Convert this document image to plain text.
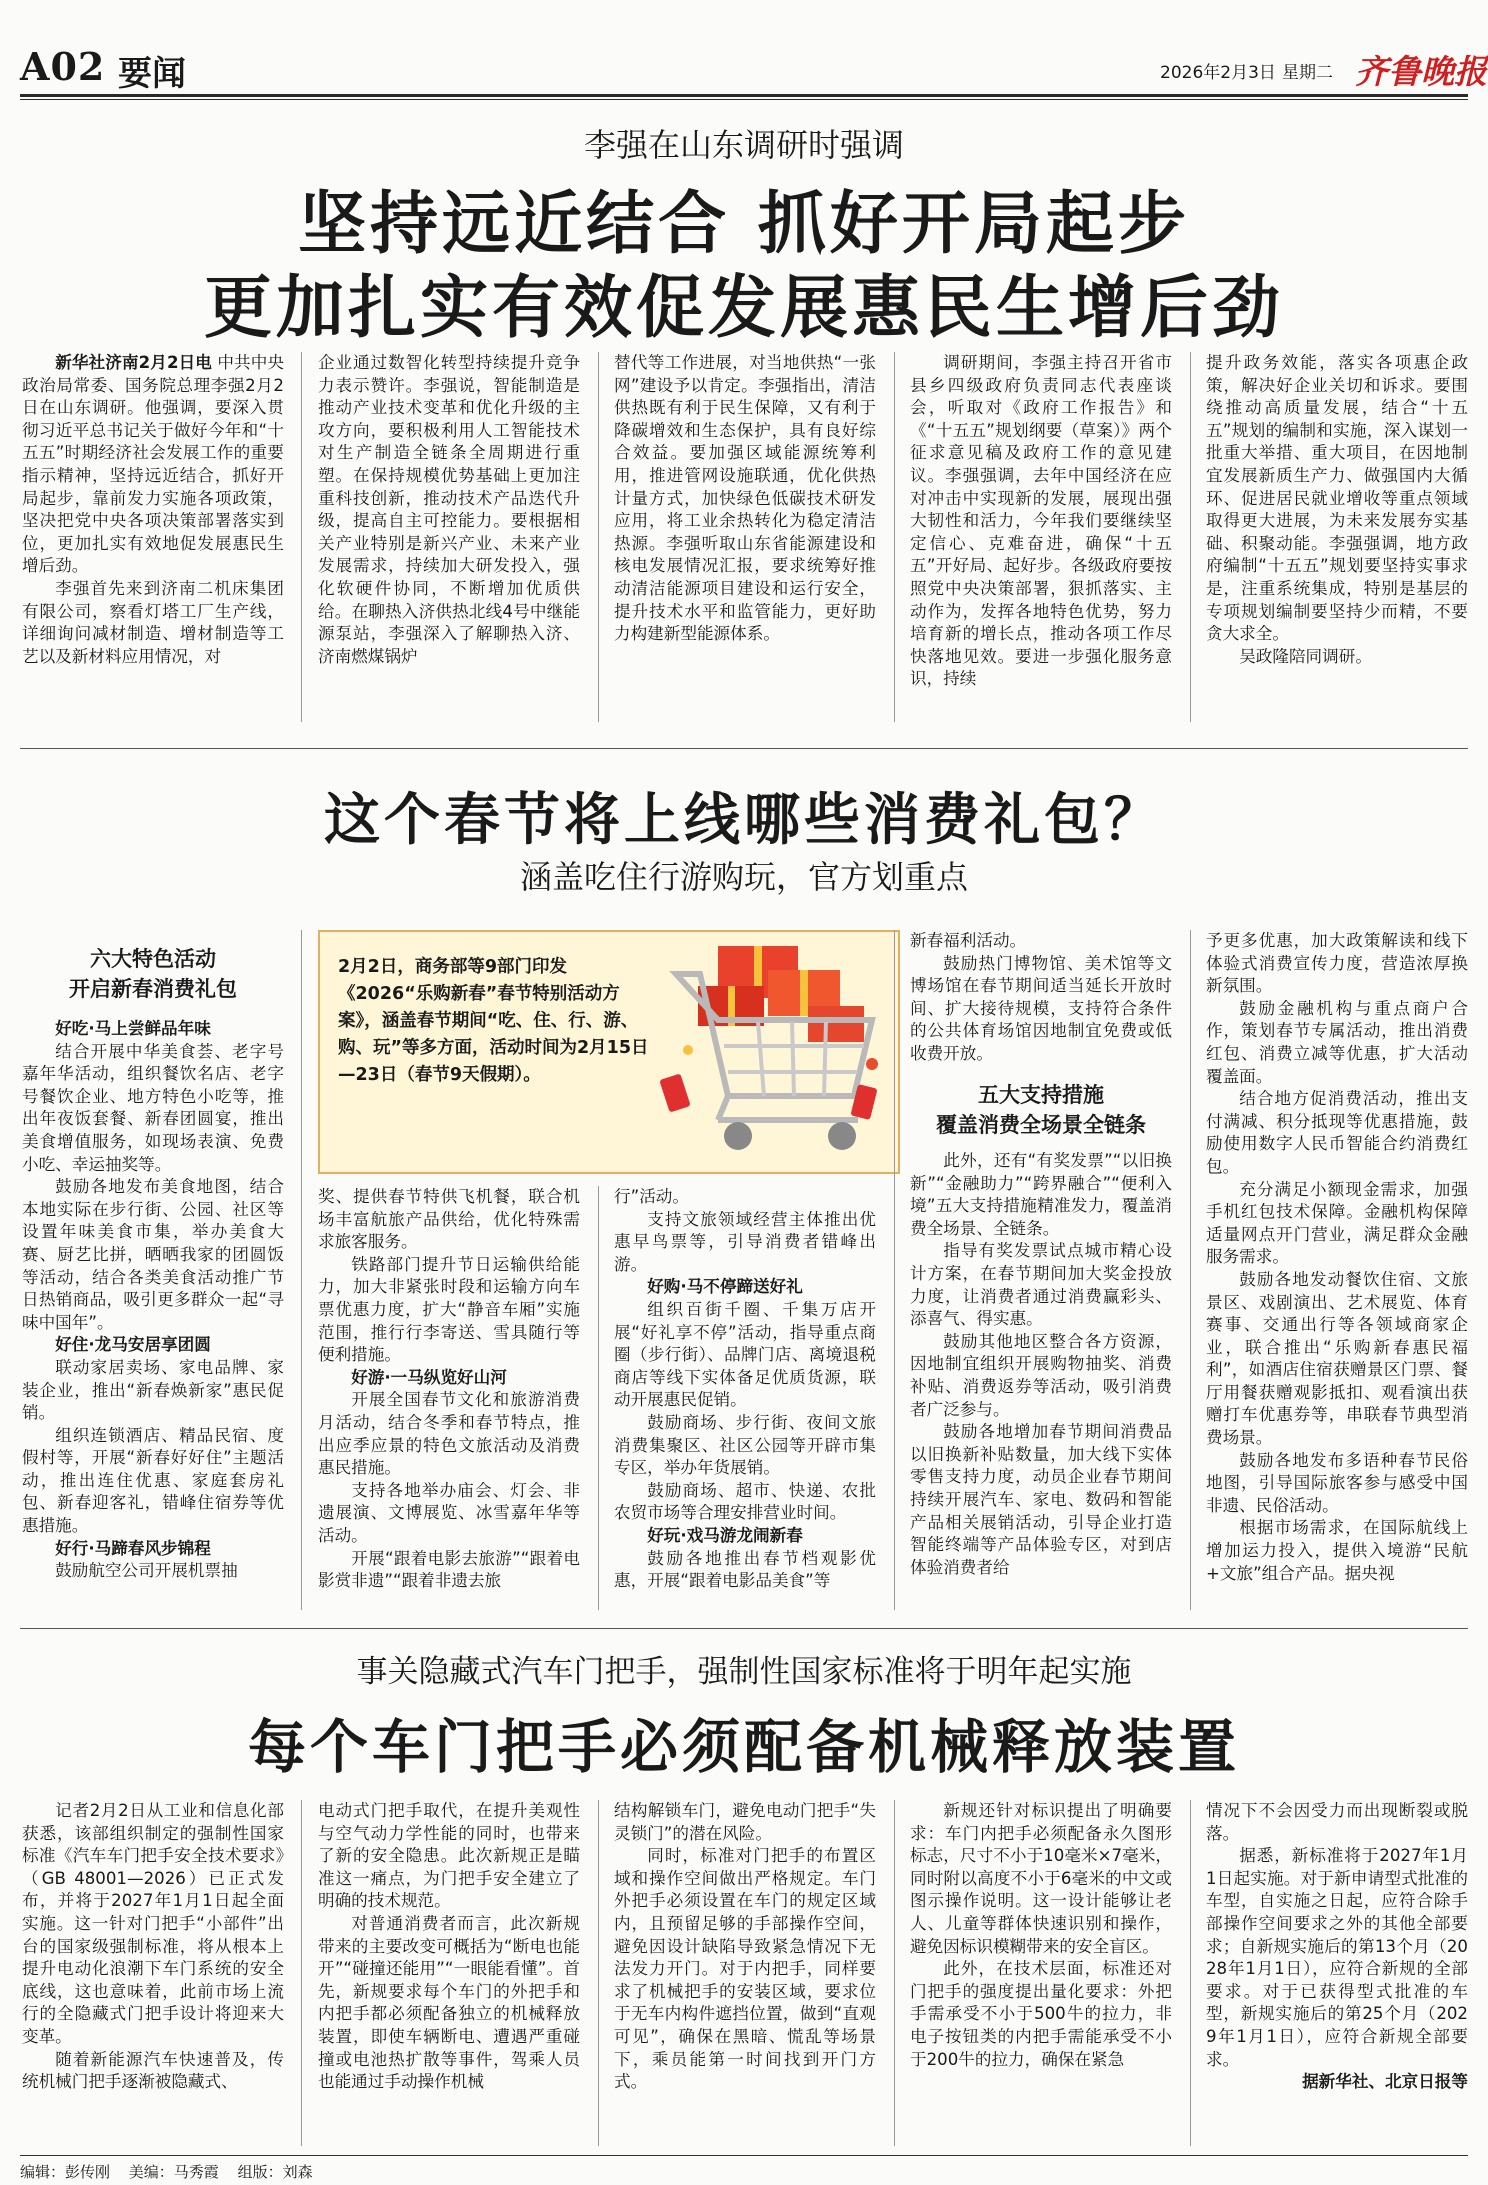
A02 要闻	2026年2月3日 星期二 齐鲁晚报
李强在山东调研时强调
坚持远近结合 抓好开局起步
更加扎实有效促发展惠民生增后劲

新华社济南2月2日电 中共中央政治局常委、国务院总理李强2月2日在山东调研。他强调，要深入贯彻习近平总书记关于做好今年和“十五五”时期经济社会发展工作的重要指示精神，坚持远近结合，抓好开局起步，靠前发力实施各项政策，坚决把党中央各项决策部署落实到位，更加扎实有效地促发展惠民生增后劲。

李强首先来到济南二机床集团有限公司，察看灯塔工厂生产线，详细询问减材制造、增材制造等工艺以及新材料应用情况，对

企业通过数智化转型持续提升竞争力表示赞许。李强说，智能制造是推动产业技术变革和优化升级的主攻方向，要积极利用人工智能技术对生产制造全链条全周期进行重塑。在保持规模优势基础上更加注重科技创新，推动技术产品迭代升级，提高自主可控能力。要根据相关产业特别是新兴产业、未来产业发展需求，持续加大研发投入，强化软硬件协同，不断增加优质供给。在聊热入济供热北线4号中继能源泵站，李强深入了解聊热入济、济南燃煤锅炉

替代等工作进展，对当地供热“一张网”建设予以肯定。李强指出，清洁供热既有利于民生保障，又有利于降碳增效和生态保护，具有良好综合效益。要加强区域能源统筹利用，推进管网设施联通，优化供热计量方式，加快绿色低碳技术研发应用，将工业余热转化为稳定清洁热源。李强听取山东省能源建设和核电发展情况汇报，要求统筹好推动清洁能源项目建设和运行安全，提升技术水平和监管能力，更好助力构建新型能源体系。

调研期间，李强主持召开省市县乡四级政府负责同志代表座谈会，听取对《政府工作报告》和《“十五五”规划纲要（草案）》两个征求意见稿及政府工作的意见建议。李强强调，去年中国经济在应对冲击中实现新的发展，展现出强大韧性和活力，今年我们要继续坚定信心、克难奋进，确保“十五五”开好局、起好步。各级政府要按照党中央决策部署，狠抓落实、主动作为，发挥各地特色优势，努力培育新的增长点，推动各项工作尽快落地见效。要进一步强化服务意识，持续

提升政务效能，落实各项惠企政策，解决好企业关切和诉求。要围绕推动高质量发展，结合“十五五”规划的编制和实施，深入谋划一批重大举措、重大项目，在因地制宜发展新质生产力、做强国内大循环、促进居民就业增收等重点领域取得更大进展，为未来发展夯实基础、积聚动能。李强强调，地方政府编制“十五五”规划要坚持实事求是，注重系统集成，特别是基层的专项规划编制要坚持少而精，不要贪大求全。

吴政隆陪同调研。

这个春节将上线哪些消费礼包？
涵盖吃住行游购玩，官方划重点
六大特色活动
开启新春消费礼包

好吃·马上尝鲜品年味

结合开展中华美食荟、老字号嘉年华活动，组织餐饮名店、老字号餐饮企业、地方特色小吃等，推出年夜饭套餐、新春团圆宴，推出美食增值服务，如现场表演、免费小吃、幸运抽奖等。

鼓励各地发布美食地图，结合本地实际在步行街、公园、社区等设置年味美食市集，举办美食大赛、厨艺比拼，晒晒我家的团圆饭等活动，结合各类美食活动推广节日热销商品，吸引更多群众一起“寻味中国年”。

好住·龙马安居享团圆

联动家居卖场、家电品牌、家装企业，推出“新春焕新家”惠民促销。

组织连锁酒店、精品民宿、度假村等，开展“新春好好住”主题活动，推出连住优惠、家庭套房礼包、新春迎客礼，错峰住宿券等优惠措施。

好行·马蹄春风步锦程

鼓励航空公司开展机票抽

2月2日，商务部等9部门印发《2026“乐购新春”春节特别活动方案》，涵盖春节期间“吃、住、行、游、购、玩”等多方面，活动时间为2月15日—23日（春节9天假期）。

奖、提供春节特供飞机餐，联合机场丰富航旅产品供给，优化特殊需求旅客服务。

铁路部门提升节日运输供给能力，加大非紧张时段和运输方向车票优惠力度，扩大“静音车厢”实施范围，推行行李寄送、雪具随行等便利措施。

好游·一马纵览好山河

开展全国春节文化和旅游消费月活动，结合冬季和春节特点，推出应季应景的特色文旅活动及消费惠民措施。

支持各地举办庙会、灯会、非遗展演、文博展览、冰雪嘉年华等活动。

开展“跟着电影去旅游”“跟着电影赏非遗”“跟着非遗去旅

行”活动。

支持文旅领域经营主体推出优惠早鸟票等，引导消费者错峰出游。

好购·马不停蹄送好礼

组织百街千圈、千集万店开展“好礼享不停”活动，指导重点商圈（步行街）、品牌门店、离境退税商店等线下实体备足优质货源，联动开展惠民促销。

鼓励商场、步行街、夜间文旅消费集聚区、社区公园等开辟市集专区，举办年货展销。

鼓励商场、超市、快递、农批农贸市场等合理安排营业时间。

好玩·戏马游龙闹新春

鼓励各地推出春节档观影优惠，开展“跟着电影品美食”等

新春福利活动。

鼓励热门博物馆、美术馆等文博场馆在春节期间适当延长开放时间、扩大接待规模，支持符合条件的公共体育场馆因地制宜免费或低收费开放。

五大支持措施
覆盖消费全场景全链条

此外，还有“有奖发票”“以旧换新”“金融助力”“跨界融合”“便利入境”五大支持措施精准发力，覆盖消费全场景、全链条。

指导有奖发票试点城市精心设计方案，在春节期间加大奖金投放力度，让消费者通过消费赢彩头、添喜气、得实惠。

鼓励其他地区整合各方资源，因地制宜组织开展购物抽奖、消费补贴、消费返券等活动，吸引消费者广泛参与。

鼓励各地增加春节期间消费品以旧换新补贴数量，加大线下实体零售支持力度，动员企业春节期间持续开展汽车、家电、数码和智能产品相关展销活动，引导企业打造智能终端等产品体验专区，对到店体验消费者给

予更多优惠，加大政策解读和线下体验式消费宣传力度，营造浓厚换新氛围。

鼓励金融机构与重点商户合作，策划春节专属活动，推出消费红包、消费立减等优惠，扩大活动覆盖面。

结合地方促消费活动，推出支付满减、积分抵现等优惠措施，鼓励使用数字人民币智能合约消费红包。

充分满足小额现金需求，加强手机红包技术保障。金融机构保障适量网点开门营业，满足群众金融服务需求。

鼓励各地发动餐饮住宿、文旅景区、戏剧演出、艺术展览、体育赛事、交通出行等各领域商家企业，联合推出“乐购新春惠民福利”，如酒店住宿获赠景区门票、餐厅用餐获赠观影抵扣、观看演出获赠打车优惠券等，串联春节典型消费场景。

鼓励各地发布多语种春节民俗地图，引导国际旅客参与感受中国非遗、民俗活动。

根据市场需求，在国际航线上增加运力投入，提供入境游“民航+文旅”组合产品。据央视

事关隐藏式汽车门把手，强制性国家标准将于明年起实施
每个车门把手必须配备机械释放装置

记者2月2日从工业和信息化部获悉，该部组织制定的强制性国家标准《汽车车门把手安全技术要求》（GB 48001—2026）已正式发布，并将于2027年1月1日起全面实施。这一针对门把手“小部件”出台的国家级强制标准，将从根本上提升电动化浪潮下车门系统的安全底线，这也意味着，此前市场上流行的全隐藏式门把手设计将迎来大变革。

随着新能源汽车快速普及，传统机械门把手逐渐被隐藏式、

电动式门把手取代，在提升美观性与空气动力学性能的同时，也带来了新的安全隐患。此次新规正是瞄准这一痛点，为门把手安全建立了明确的技术规范。

对普通消费者而言，此次新规带来的主要改变可概括为“断电也能开”“碰撞还能用”“一眼能看懂”。首先，新规要求每个车门的外把手和内把手都必须配备独立的机械释放装置，即使车辆断电、遭遇严重碰撞或电池热扩散等事件，驾乘人员也能通过手动操作机械

结构解锁车门，避免电动门把手“失灵锁门”的潜在风险。

同时，标准对门把手的布置区域和操作空间做出严格规定。车门外把手必须设置在车门的规定区域内，且预留足够的手部操作空间，避免因设计缺陷导致紧急情况下无法发力开门。对于内把手，同样要求了机械把手的安装区域，要求位于无车内构件遮挡位置，做到“直观可见”，确保在黑暗、慌乱等场景下，乘员能第一时间找到开门方式。

新规还针对标识提出了明确要求：车门内把手必须配备永久图形标志，尺寸不小于10毫米×7毫米，同时附以高度不小于6毫米的中文或图示操作说明。这一设计能够让老人、儿童等群体快速识别和操作，避免因标识模糊带来的安全盲区。

此外，在技术层面，标准还对门把手的强度提出量化要求：外把手需承受不小于500牛的拉力，非电子按钮类的内把手需能承受不小于200牛的拉力，确保在紧急

情况下不会因受力而出现断裂或脱落。

据悉，新标准将于2027年1月1日起实施。对于新申请型式批准的车型，自实施之日起，应符合除手部操作空间要求之外的其他全部要求；自新规实施后的第13个月（2028年1月1日），应符合新规的全部要求。对于已获得型式批准的车型，新规实施后的第25个月（2029年1月1日），应符合新规全部要求。

据新华社、北京日报等

编辑：彭传刚 美编：马秀霞 组版：刘森
